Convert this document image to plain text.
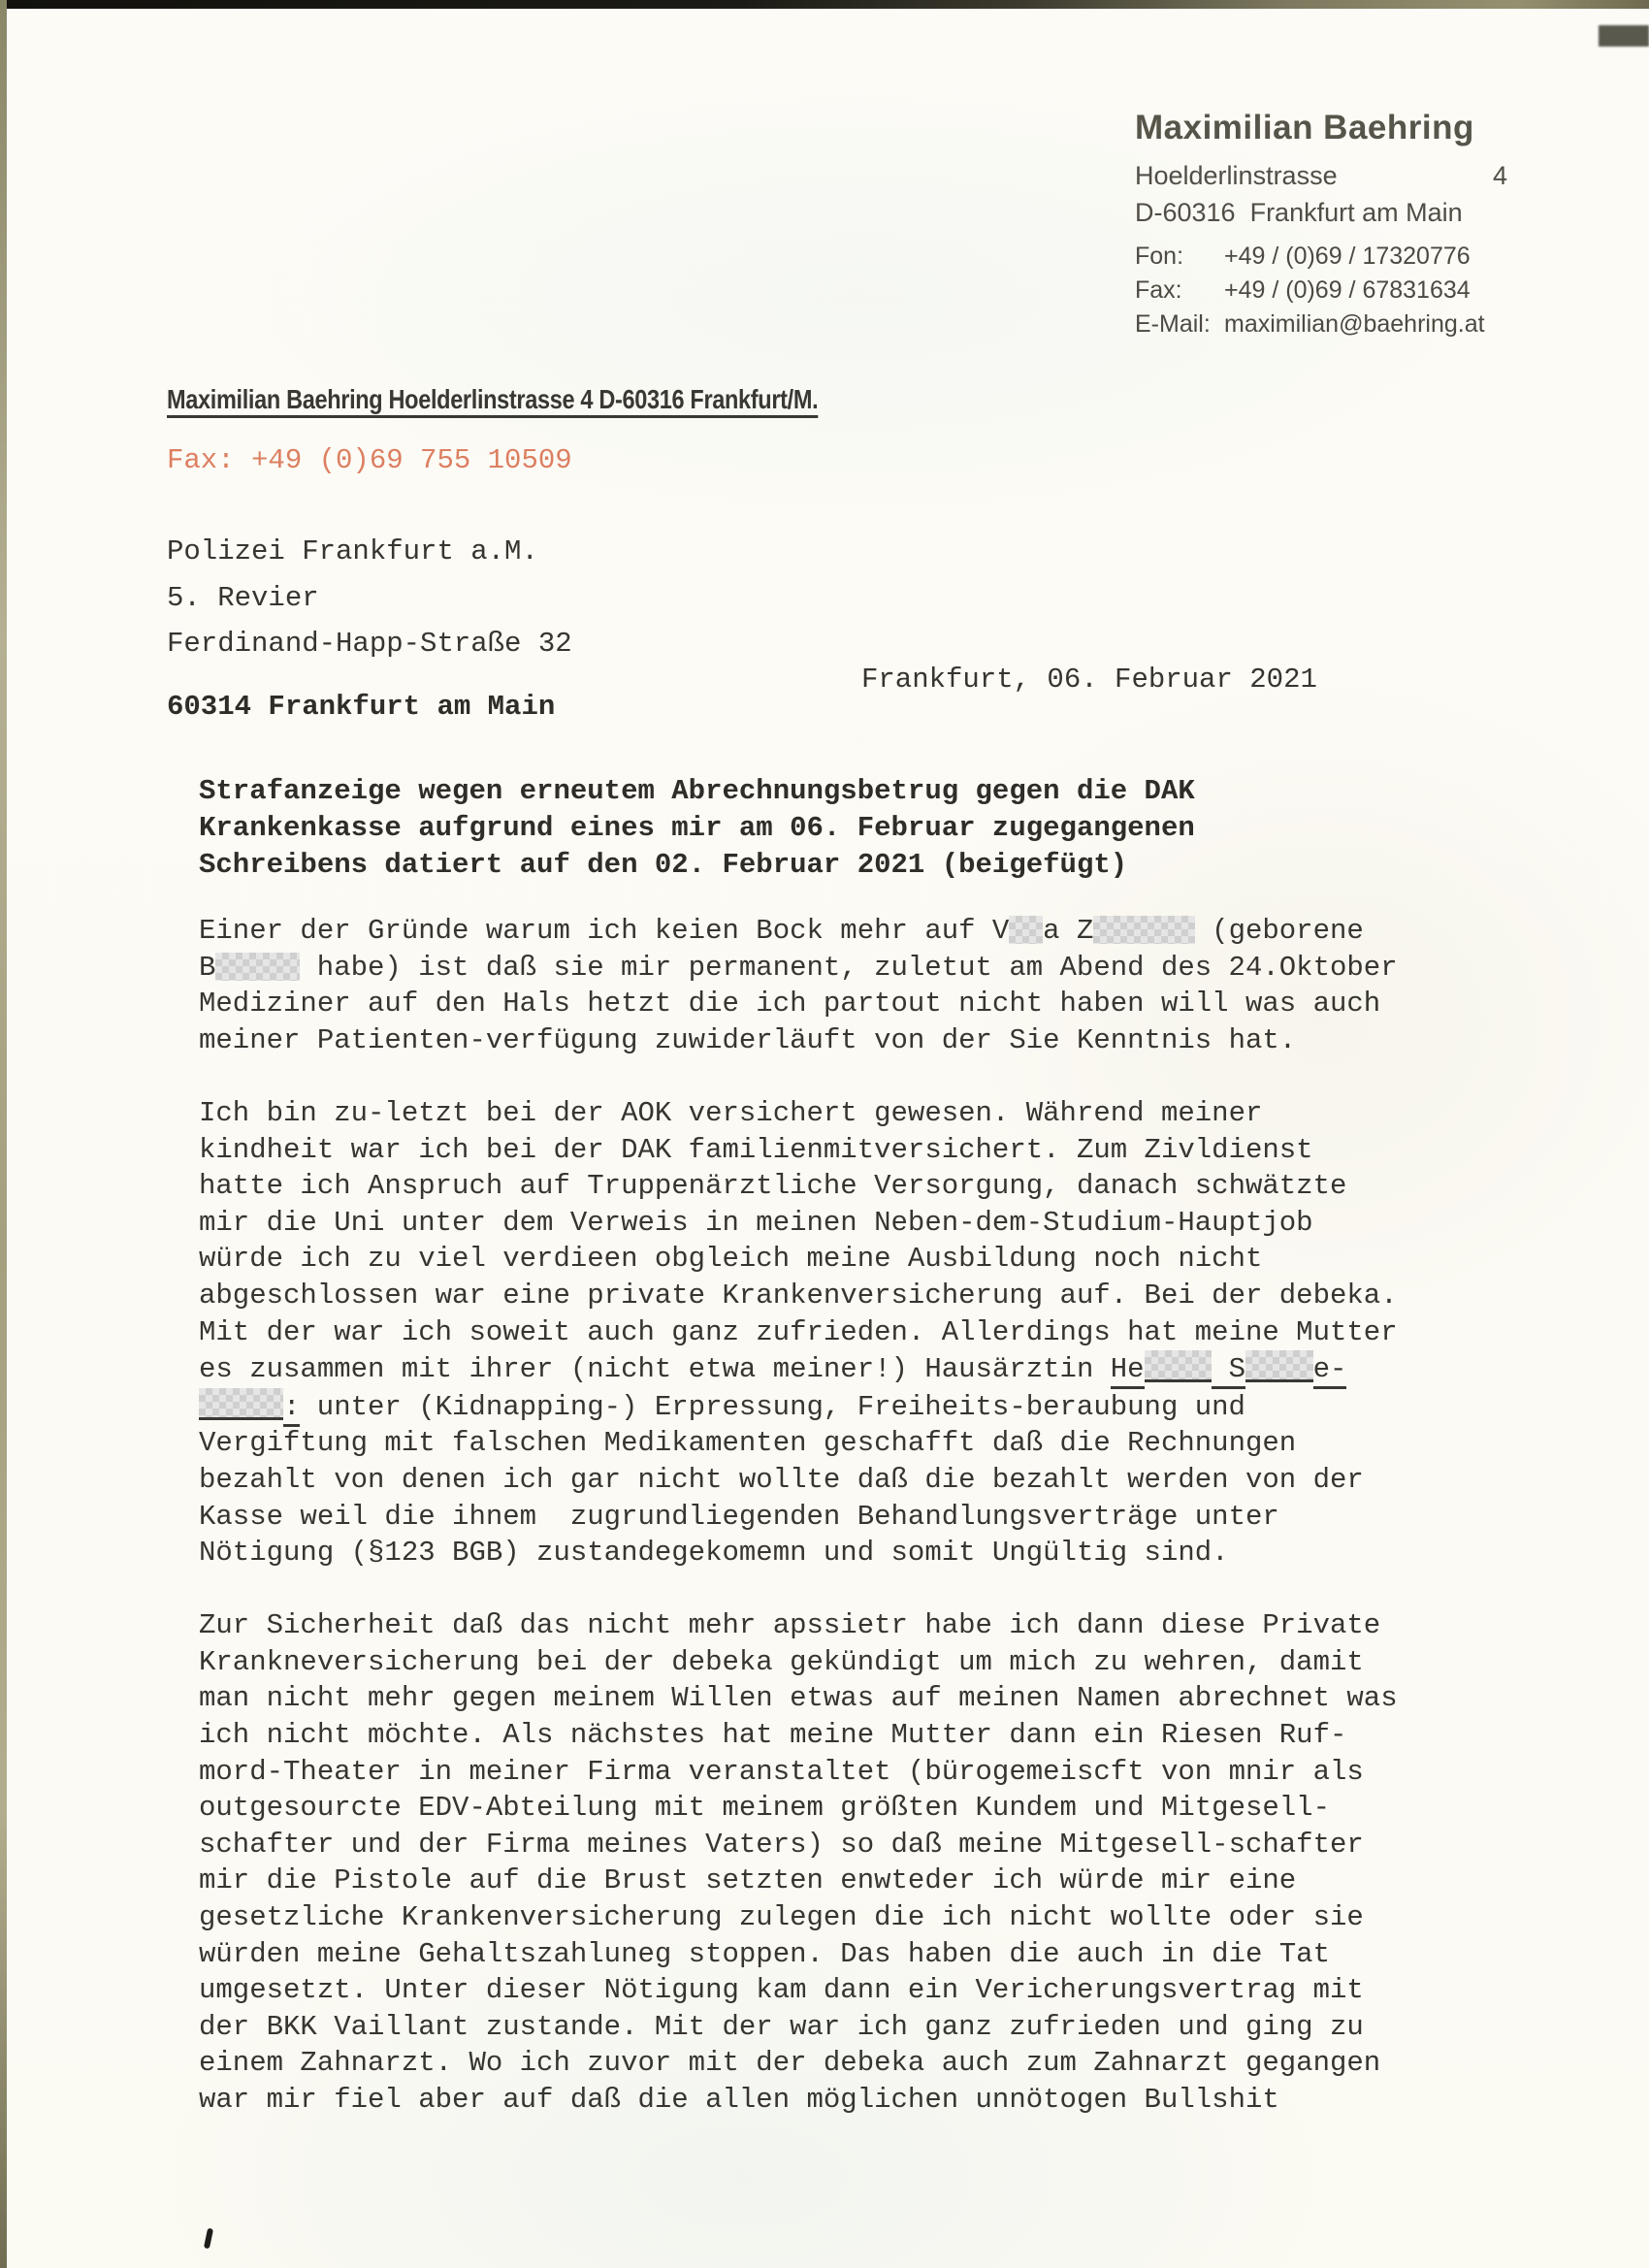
Maximilian Baehring
Hoelderlinstrasse	4
D-60316  Frankfurt am Main
Fon:	+49 / (0)69 / 17320776
Fax:	+49 / (0)69 / 67831634
E-Mail: maximilian@baehring.at
Maximilian Baehring Hoelderlinstrasse 4 D-60316 Frankfurt/M.
Fax: +49 (0)69 755 10509
Polizei Frankfurt a.M.
5. Revier
Ferdinand-Happ-Straße 32
Frankfurt, 06. Februar 2021
60314 Frankfurt am Main
Strafanzeige wegen erneutem Abrechnungsbetrug gegen die DAK
Krankenkasse aufgrund eines mir am 06. Februar zugegangenen
Schreibens datiert auf den 02. Februar 2021 (beigefügt)
Einer der Gründe warum ich keien Bock mehr auf V a Z	(geborene
B	habe) ist daß sie mir permanent, zuletut am Abend des 24.Oktober
Mediziner auf den Hals hetzt die ich partout nicht haben will was auch
meiner Patienten-verfügung zuwiderläuft von der Sie Kenntnis hat.
Ich bin zu-letzt bei der AOK versichert gewesen. Während meiner
kindheit war ich bei der DAK familienmitversichert. Zum Zivldienst
hatte ich Anspruch auf Truppenärztliche Versorgung, danach schwätzte
mir die Uni unter dem Verweis in meinen Neben-dem-Studium-Hauptjob
würde ich zu viel verdieen obgleich meine Ausbildung noch nicht
abgeschlossen war eine private Krankenversicherung auf. Bei der debeka.
Mit der war ich soweit auch ganz zufrieden. Allerdings hat meine Mutter
es zusammen mit ihrer (nicht etwa meiner!) Hausärztin He S e-
: unter (Kidnapping-) Erpressung, Freiheits-beraubung und
Vergiftung mit falschen Medikamenten geschafft daß die Rechnungen
bezahlt von denen ich gar nicht wollte daß die bezahlt werden von der
Kasse weil die ihnem  zugrundliegenden Behandlungsverträge unter
Nötigung (§123 BGB) zustandegekomemn und somit Ungültig sind.
Zur Sicherheit daß das nicht mehr apssietr habe ich dann diese Private
Krankneversicherung bei der debeka gekündigt um mich zu wehren, damit
man nicht mehr gegen meinem Willen etwas auf meinen Namen abrechnet was
ich nicht möchte. Als nächstes hat meine Mutter dann ein Riesen Ruf-
mord-Theater in meiner Firma veranstaltet (bürogemeiscft von mnir als
outgesourcte EDV-Abteilung mit meinem größten Kundem und Mitgesell-
schafter und der Firma meines Vaters) so daß meine Mitgesell-schafter
mir die Pistole auf die Brust setzten enwteder ich würde mir eine
gesetzliche Krankenversicherung zulegen die ich nicht wollte oder sie
würden meine Gehaltszahluneg stoppen. Das haben die auch in die Tat
umgesetzt. Unter dieser Nötigung kam dann ein Vericherungsvertrag mit
der BKK Vaillant zustande. Mit der war ich ganz zufrieden und ging zu
einem Zahnarzt. Wo ich zuvor mit der debeka auch zum Zahnarzt gegangen
war mir fiel aber auf daß die allen möglichen unnötogen Bullshit
